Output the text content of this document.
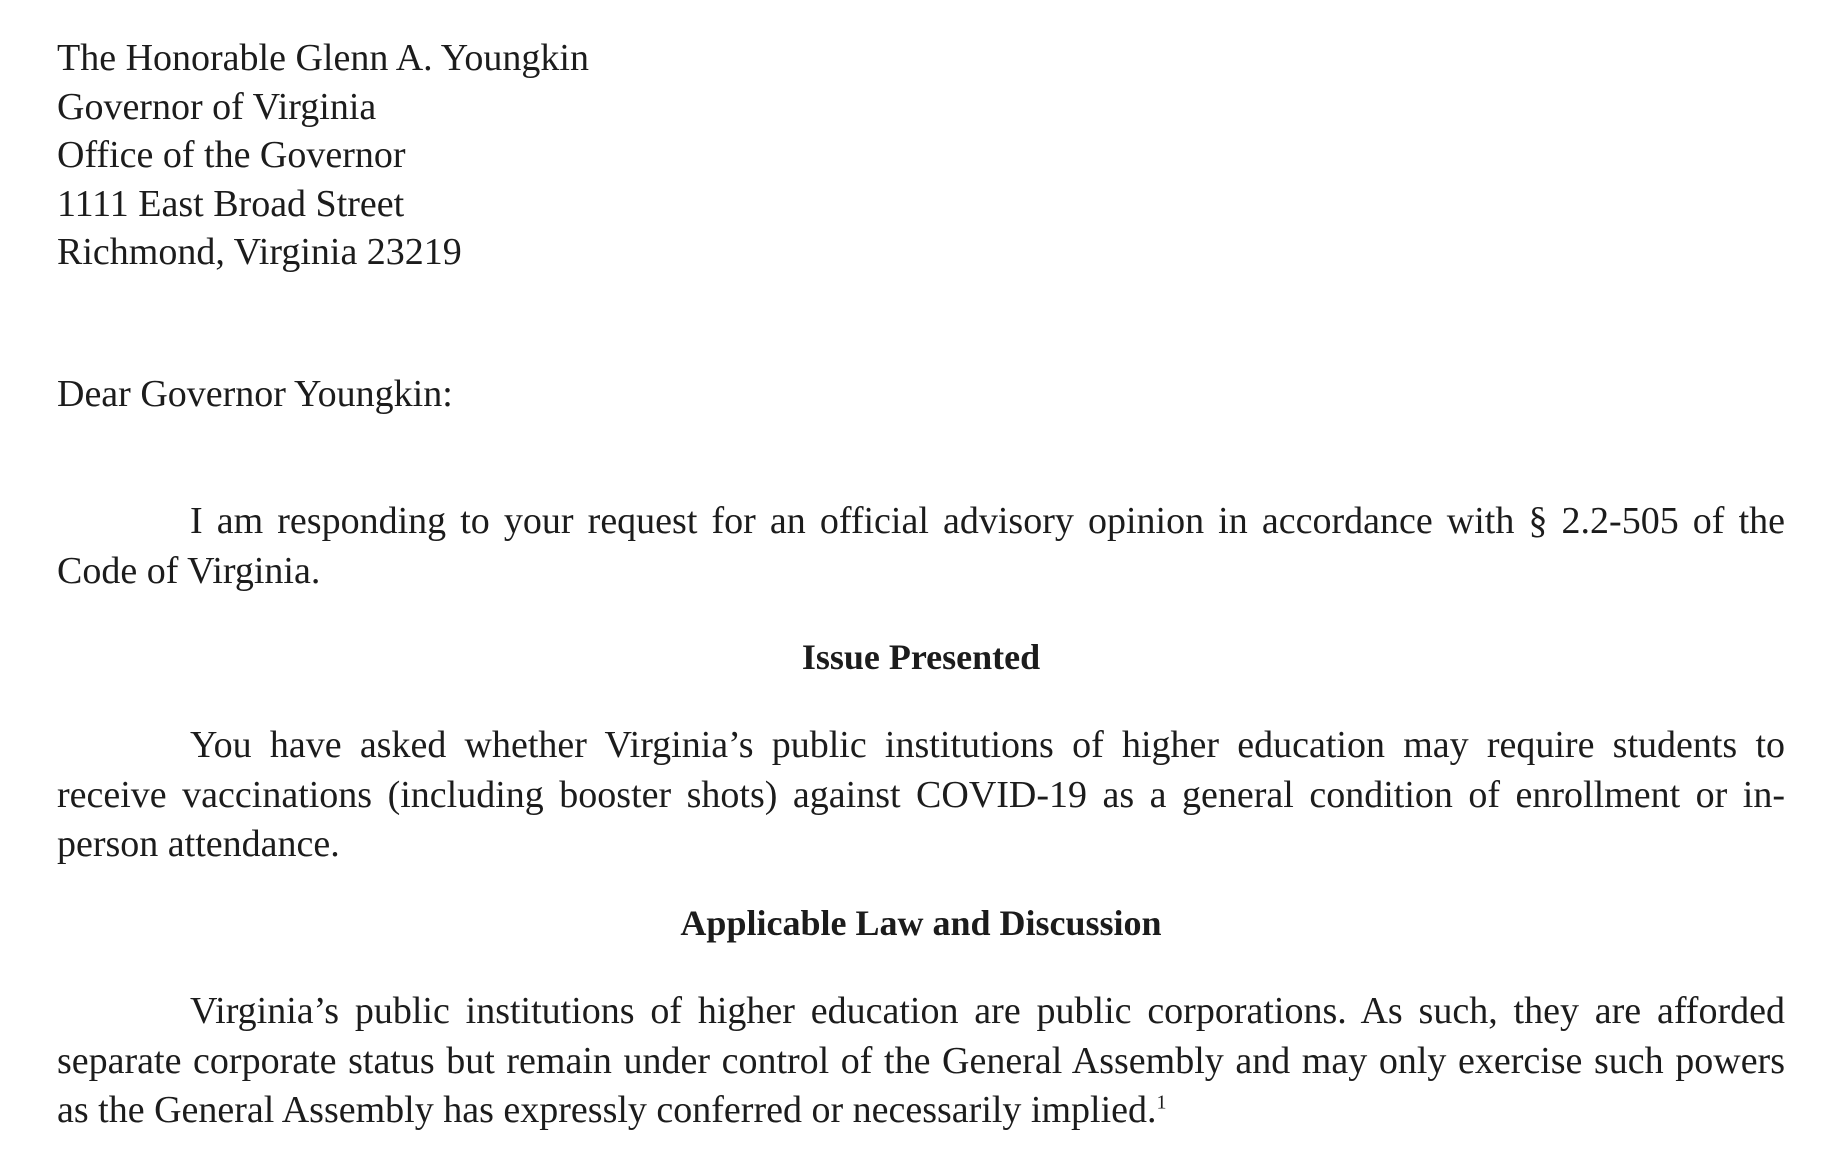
The Honorable Glenn A. Youngkin
Governor of Virginia
Office of the Governor
1111 East Broad Street
Richmond, Virginia 23219
Dear Governor Youngkin:

I am responding to your request for an official advisory opinion in accordance with § 2.2-505 of the Code of Virginia.

Issue Presented

You have asked whether Virginia’s public institutions of higher education may require students to receive vaccinations (including booster shots) against COVID-19 as a general condition of enrollment or in-person attendance.

Applicable Law and Discussion

Virginia’s public institutions of higher education are public corporations. As such, they are afforded separate corporate status but remain under control of the General Assembly and may only exercise such powers as the General Assembly has expressly conferred or necessarily implied.$^1$
